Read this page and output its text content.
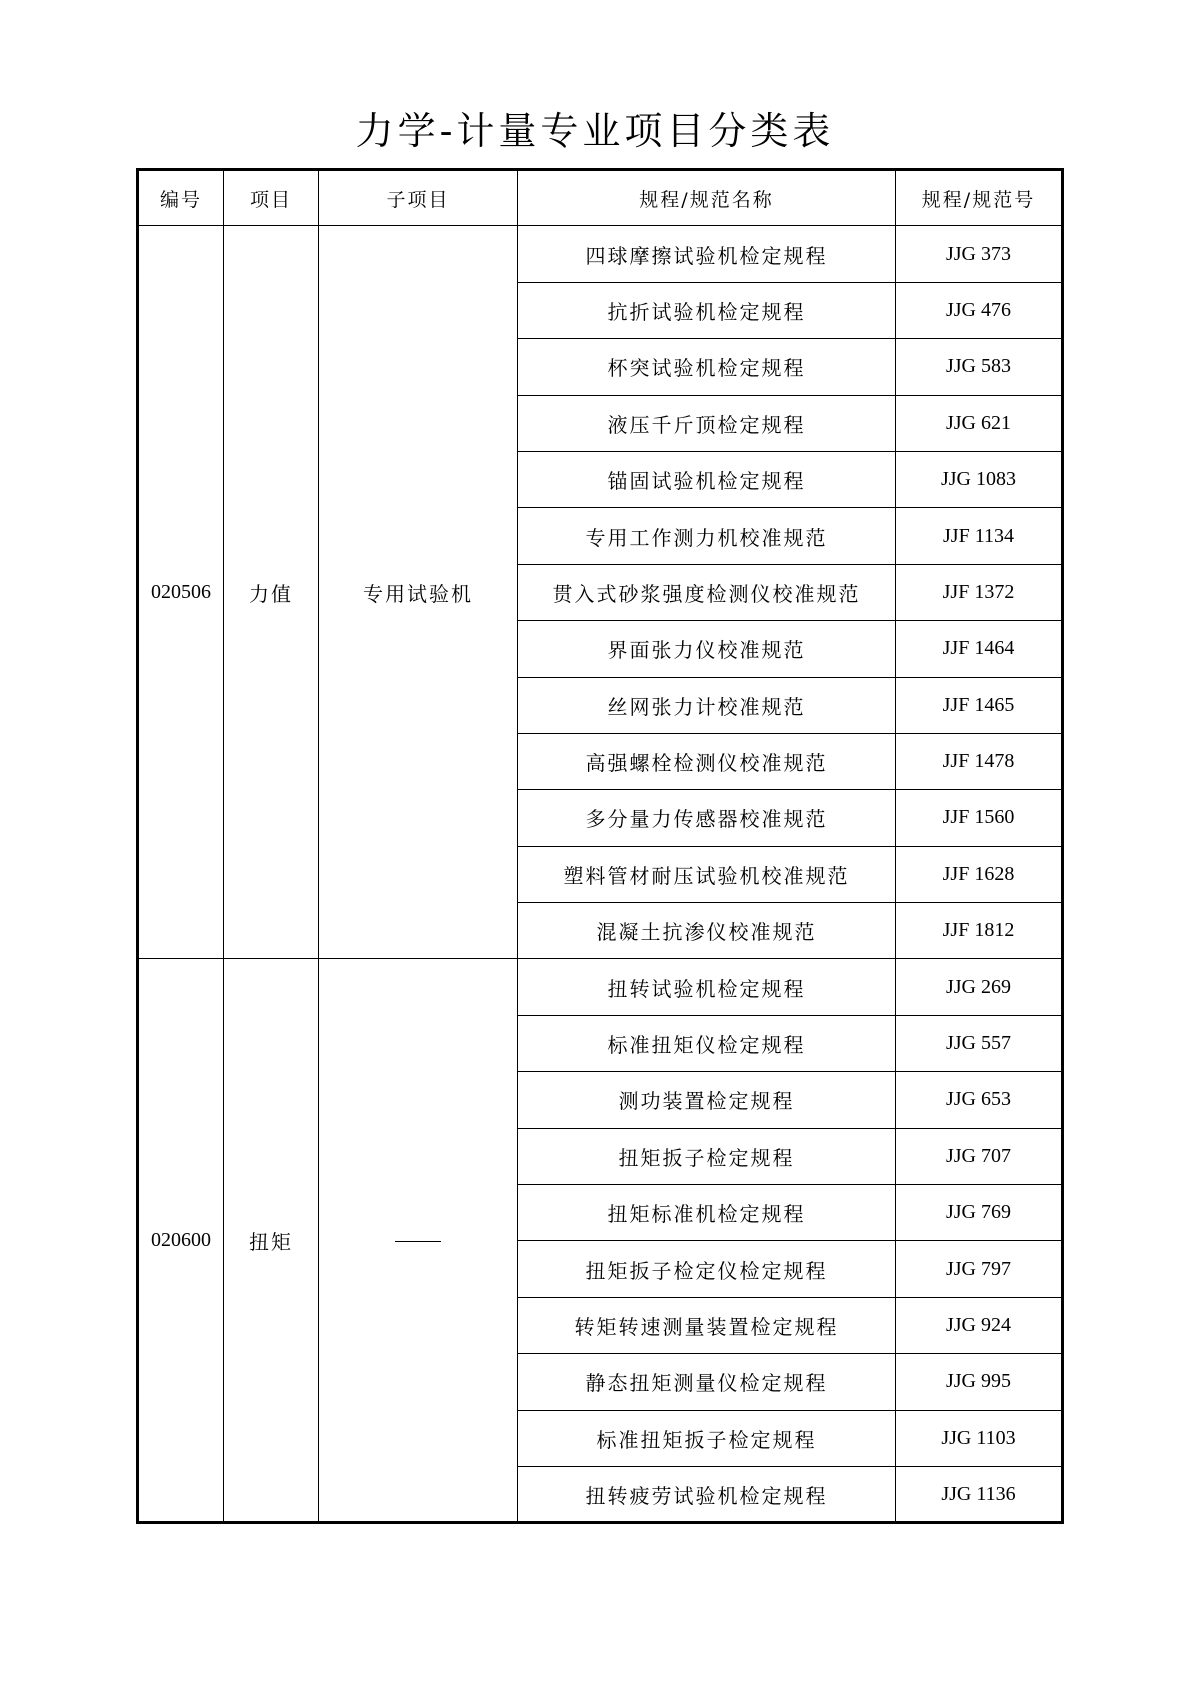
力学-计量专业项目分类表
编号	项目	子项目	规程/规范名称	规程/规范号
020506	力值	专用试验机	四球摩擦试验机检定规程	JJG 373
			抗折试验机检定规程	JJG 476
			杯突试验机检定规程	JJG 583
			液压千斤顶检定规程	JJG 621
			锚固试验机检定规程	JJG 1083
			专用工作测力机校准规范	JJF 1134
			贯入式砂浆强度检测仪校准规范	JJF 1372
			界面张力仪校准规范	JJF 1464
			丝网张力计校准规范	JJF 1465
			高强螺栓检测仪校准规范	JJF 1478
			多分量力传感器校准规范	JJF 1560
			塑料管材耐压试验机校准规范	JJF 1628
			混凝土抗渗仪校准规范	JJF 1812
020600	扭矩		扭转试验机检定规程	JJG 269
			标准扭矩仪检定规程	JJG 557
			测功装置检定规程	JJG 653
			扭矩扳子检定规程	JJG 707
			扭矩标准机检定规程	JJG 769
			扭矩扳子检定仪检定规程	JJG 797
			转矩转速测量装置检定规程	JJG 924
			静态扭矩测量仪检定规程	JJG 995
			标准扭矩扳子检定规程	JJG 1103
			扭转疲劳试验机检定规程	JJG 1136
